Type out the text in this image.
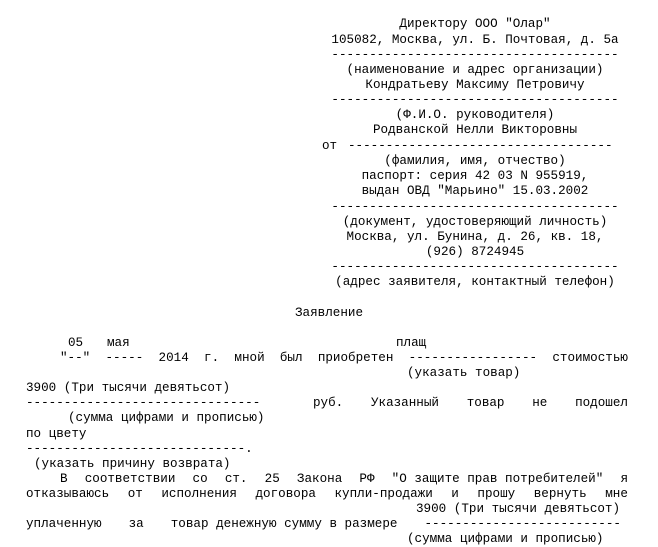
Директору ООО "Олар"
105082, Москва, ул. Б. Почтовая, д. 5а
--------------------------------------
(наименование и адрес организации)
Кондратьеву Максиму Петровичу
--------------------------------------
(Ф.И.О. руководителя)
Родванской Нелли Викторовны
от -----------------------------------
(фамилия, имя, отчество)
паспорт: серия 42 03 N 955919,
выдан ОВД "Марьино" 15.03.2002
--------------------------------------
(документ, удостоверяющий личность)
Москва, ул. Бунина, д. 26, кв. 18,
(926) 8724945
--------------------------------------
(адрес заявителя, контактный телефон)
Заявление
05 мая	плащ
"--" ----- 2014 г. мной был приобретен ----------------- стоимостью
(указать товар)
3900 (Три тысячи девятьсот)
-------------------------------	руб. Указанный товар не подошел
(сумма цифрами и прописью)
по цвету
-----------------------------.
(указать причину возврата)
В соответствии со ст. 25 Закона РФ "О защите прав потребителей" я
отказываюсь от исполнения договора купли-продажи и прошу вернуть мне
3900 (Три тысячи девятьсот)
уплаченную за товар денежную сумму в размере --------------------------
(сумма цифрами и прописью)
